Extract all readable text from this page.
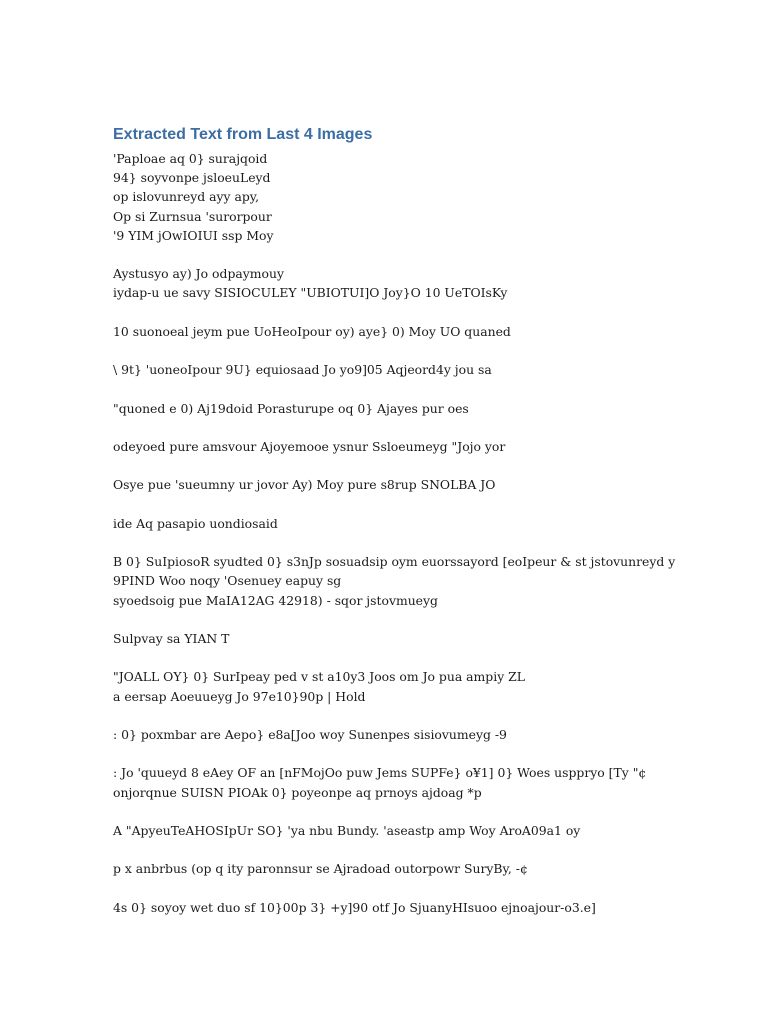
Extracted Text from Last 4 Images
'Paploae aq 0} surajqoid
94} soyvonpe jsloeuLeyd
op islovunreyd ayy apy,
Op si Zurnsua 'surorpour
'9 YIM jOwIOIUI ssp Moy
Aystusyo ay) Jo odpaymouy
iydap-u ue savy SISIOCULEY "UBIOTUI]O Joy}O 10 UeTOIsKy
10 suonoeal jeym pue UoHeoIpour oy) aye} 0) Moy UO quaned
\ 9t} 'uoneoIpour 9U} equiosaad Jo yo9]05 Aqjeord4y jou sa
"quoned e 0) Aj19doid Porasturupe oq 0} Ajayes pur oes
odeyoed pure amsvour Ajoyemooe ysnur Ssloeumeyg "Jojo yor
Osye pue 'sueumny ur jovor Ay) Moy pure s8rup SNOLBA JO
ide Aq pasapio uondiosaid
B 0} SuIpiosoR syudted 0} s3nJp sosuadsip oym euorssayord [eoIpeur & st jstovunreyd y
9PIND Woo noqy 'Osenuey eapuy sg
syoedsoig pue MaIA12AG 42918) - sqor jstovmueyg
Sulpvay sa YIAN T
"JOALL OY} 0} SurIpeay ped v st a10y3 Joos om Jo pua ampiy ZL
a eersap Aoeuueyg Jo 97e10}90p | Hold
: 0} poxmbar are Aepo} e8a[Joo woy Sunenpes sisiovumeyg -9
: Jo 'quueyd 8 eAey OF an [nFMojOo puw Jems SUPFe} o¥1] 0} Woes usppryo [Ty "¢
onjorqnue SUISN PIOAk 0} poyeonpe aq prnoys ajdoag *p
A "ApyeuTeAHOSIpUr SO} 'ya nbu Bundy. 'aseastp amp Woy AroA09a1 oy
p x anbrbus (op q ity paronnsur se Ajradoad outorpowr SuryBy, -¢
4s 0} soyoy wet duo sf 10}00p 3} +y]90 otf Jo SjuanyHIsuoo ejnoajour-o3.e]
